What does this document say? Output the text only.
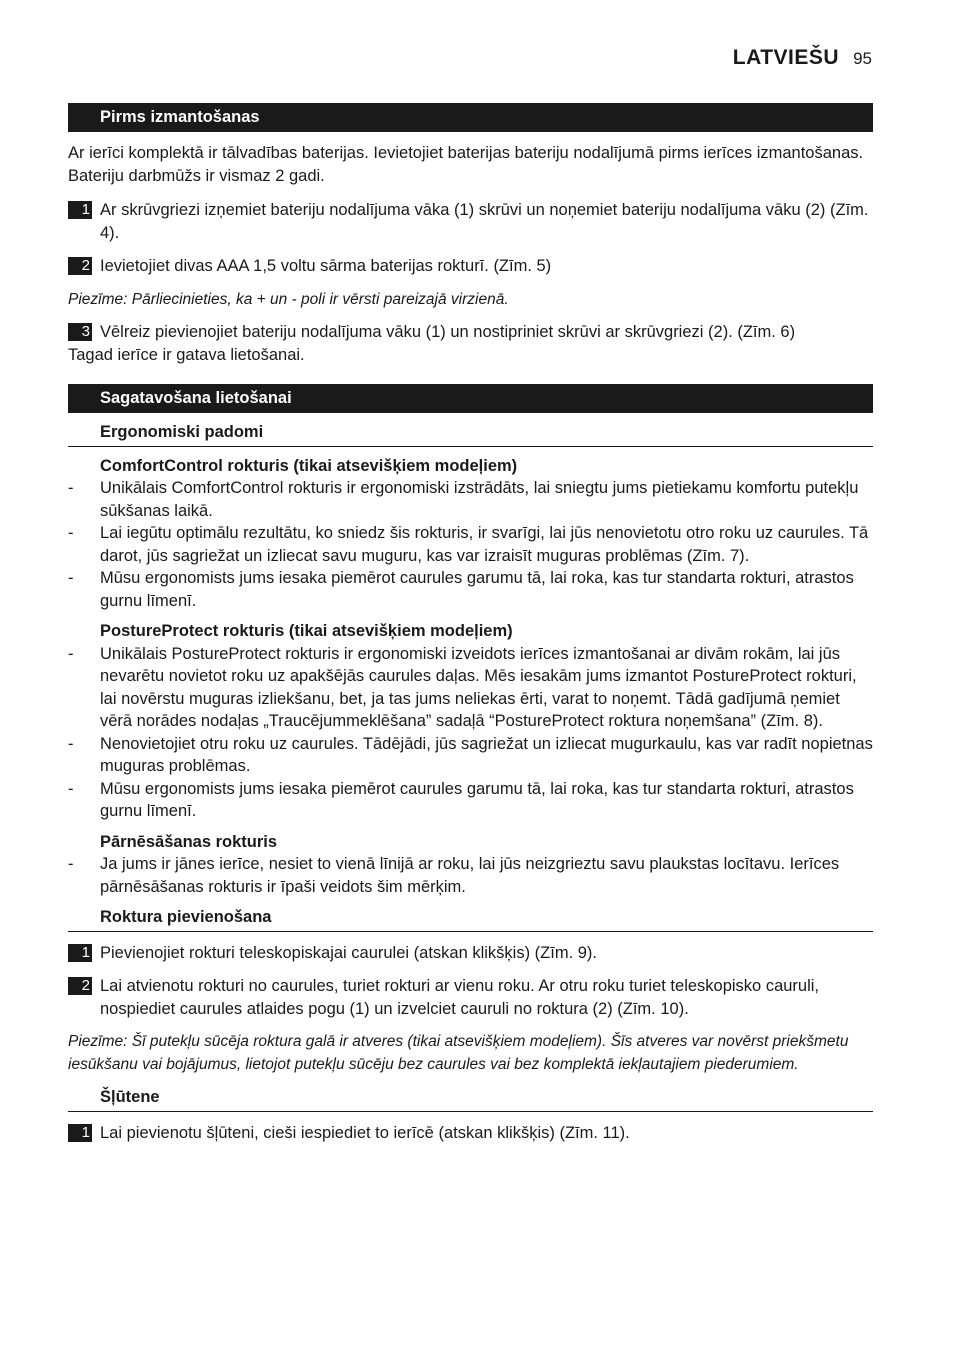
LATVIEŠU 95
Pirms izmantošanas

Ar ierīci komplektā ir tālvadības baterijas. Ievietojiet baterijas bateriju nodalījumā pirms ierīces izmantošanas. Bateriju darbmūžs ir vismaz 2 gadi.

1 Ar skrūvgriezi izņemiet bateriju nodalījuma vāka (1) skrūvi un noņemiet bateriju nodalījuma vāku (2) (Zīm. 4).
2 Ievietojiet divas AAA 1,5 voltu sārma baterijas rokturī. (Zīm. 5)

Piezīme: Pārliecinieties, ka + un - poli ir vērsti pareizajā virzienā.

3 Vēlreiz pievienojiet bateriju nodalījuma vāku (1) un nostipriniet skrūvi ar skrūvgriezi (2). (Zīm. 6)

Tagad ierīce ir gatava lietošanai.

Sagatavošana lietošanai
Ergonomiski padomi
ComfortControl rokturis (tikai atsevišķiem modeļiem)
-	Unikālais ComfortControl rokturis ir ergonomiski izstrādāts, lai sniegtu jums pietiekamu komfortu putekļu sūkšanas laikā.
-	Lai iegūtu optimālu rezultātu, ko sniedz šis rokturis, ir svarīgi, lai jūs nenovietotu otro roku uz caurules. Tā darot, jūs sagriežat un izliecat savu muguru, kas var izraisīt muguras problēmas (Zīm. 7).
-	Mūsu ergonomists jums iesaka piemērot caurules garumu tā, lai roka, kas tur standarta rokturi, atrastos gurnu līmenī.
PostureProtect rokturis (tikai atsevišķiem modeļiem)
-	Unikālais PostureProtect rokturis ir ergonomiski izveidots ierīces izmantošanai ar divām rokām, lai jūs nevarētu novietot roku uz apakšējās caurules daļas. Mēs iesakām jums izmantot PostureProtect rokturi, lai novērstu muguras izliekšanu, bet, ja tas jums neliekas ērti, varat to noņemt. Tādā gadījumā ņemiet vērā norādes nodaļas „Traucējummeklēšana” sadaļā “PostureProtect roktura noņemšana” (Zīm. 8).
-	Nenovietojiet otru roku uz caurules. Tādējādi, jūs sagriežat un izliecat mugurkaulu, kas var radīt nopietnas muguras problēmas.
-	Mūsu ergonomists jums iesaka piemērot caurules garumu tā, lai roka, kas tur standarta rokturi, atrastos gurnu līmenī.
Pārnēsāšanas rokturis
-	Ja jums ir jānes ierīce, nesiet to vienā līnijā ar roku, lai jūs neizgrieztu savu plaukstas locītavu. Ierīces pārnēsāšanas rokturis ir īpaši veidots šim mērķim.
Roktura pievienošana
1 Pievienojiet rokturi teleskopiskajai caurulei (atskan klikšķis) (Zīm. 9).
2 Lai atvienotu rokturi no caurules, turiet rokturi ar vienu roku. Ar otru roku turiet teleskopisko cauruli, nospiediet caurules atlaides pogu (1) un izvelciet cauruli no roktura (2) (Zīm. 10).

Piezīme: Šī putekļu sūcēja roktura galā ir atveres (tikai atsevišķiem modeļiem). Šīs atveres var novērst priekšmetu iesūkšanu vai bojājumus, lietojot putekļu sūcēju bez caurules vai bez komplektā iekļautajiem piederumiem.

Šļūtene
1 Lai pievienotu šļūteni, cieši iespiediet to ierīcē (atskan klikšķis) (Zīm. 11).
